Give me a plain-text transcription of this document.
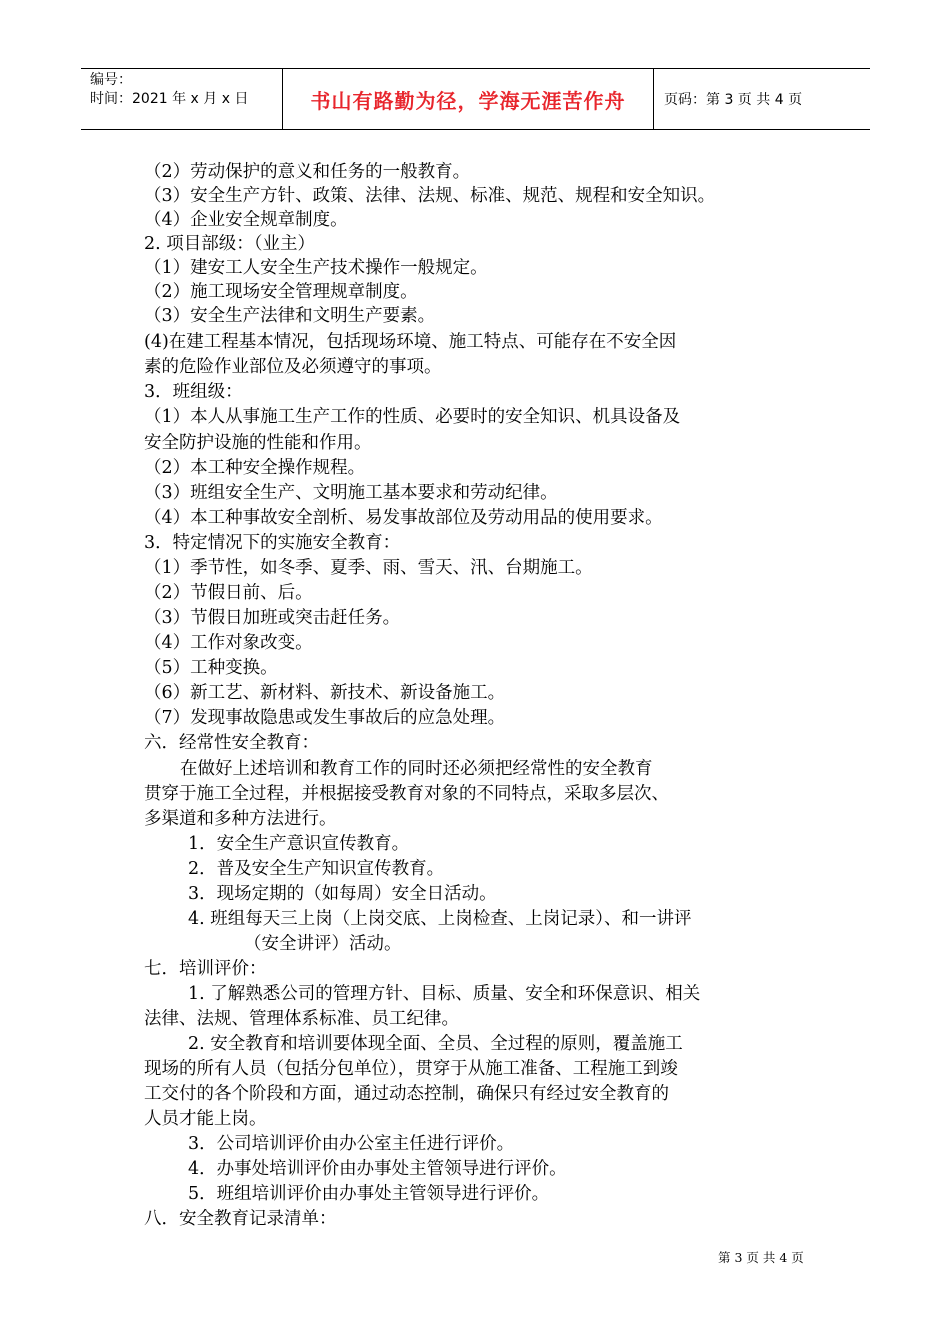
编号：
时间：2021 年 x 月 x 日	书山有路勤为径，学海无涯苦作舟	页码：第 3 页 共 4 页
（2）劳动保护的意义和任务的一般教育。
（3）安全生产方针、政策、法律、法规、标准、规范、规程和安全知识。
（4）企业安全规章制度。
2. 项目部级：（业主）
（1）建安工人安全生产技术操作一般规定。
（2）施工现场安全管理规章制度。
（3）安全生产法律和文明生产要素。
(4)在建工程基本情况，包括现场环境、施工特点、可能存在不安全因
素的危险作业部位及必须遵守的事项。
3．班组级：
（1）本人从事施工生产工作的性质、必要时的安全知识、机具设备及
安全防护设施的性能和作用。
（2）本工种安全操作规程。
（3）班组安全生产、文明施工基本要求和劳动纪律。
（4）本工种事故安全剖析、易发事故部位及劳动用品的使用要求。
3．特定情况下的实施安全教育：
（1）季节性，如冬季、夏季、雨、雪天、汛、台期施工。
（2）节假日前、后。
（3）节假日加班或突击赶任务。
（4）工作对象改变。
（5）工种变换。
（6）新工艺、新材料、新技术、新设备施工。
（7）发现事故隐患或发生事故后的应急处理。
六．经常性安全教育：
在做好上述培训和教育工作的同时还必须把经常性的安全教育
贯穿于施工全过程，并根据接受教育对象的不同特点，采取多层次、
多渠道和多种方法进行。
1．安全生产意识宣传教育。
2．普及安全生产知识宣传教育。
3．现场定期的（如每周）安全日活动。
4. 班组每天三上岗（上岗交底、上岗检查、上岗记录）、和一讲评
（安全讲评）活动。
七．培训评价：
1. 了解熟悉公司的管理方针、目标、质量、安全和环保意识、相关
法律、法规、管理体系标准、员工纪律。
2. 安全教育和培训要体现全面、全员、全过程的原则，覆盖施工
现场的所有人员（包括分包单位），贯穿于从施工准备、工程施工到竣
工交付的各个阶段和方面，通过动态控制，确保只有经过安全教育的
人员才能上岗。
3．公司培训评价由办公室主任进行评价。
4．办事处培训评价由办事处主管领导进行评价。
5．班组培训评价由办事处主管领导进行评价。
八．安全教育记录清单：
第 3 页 共 4 页
